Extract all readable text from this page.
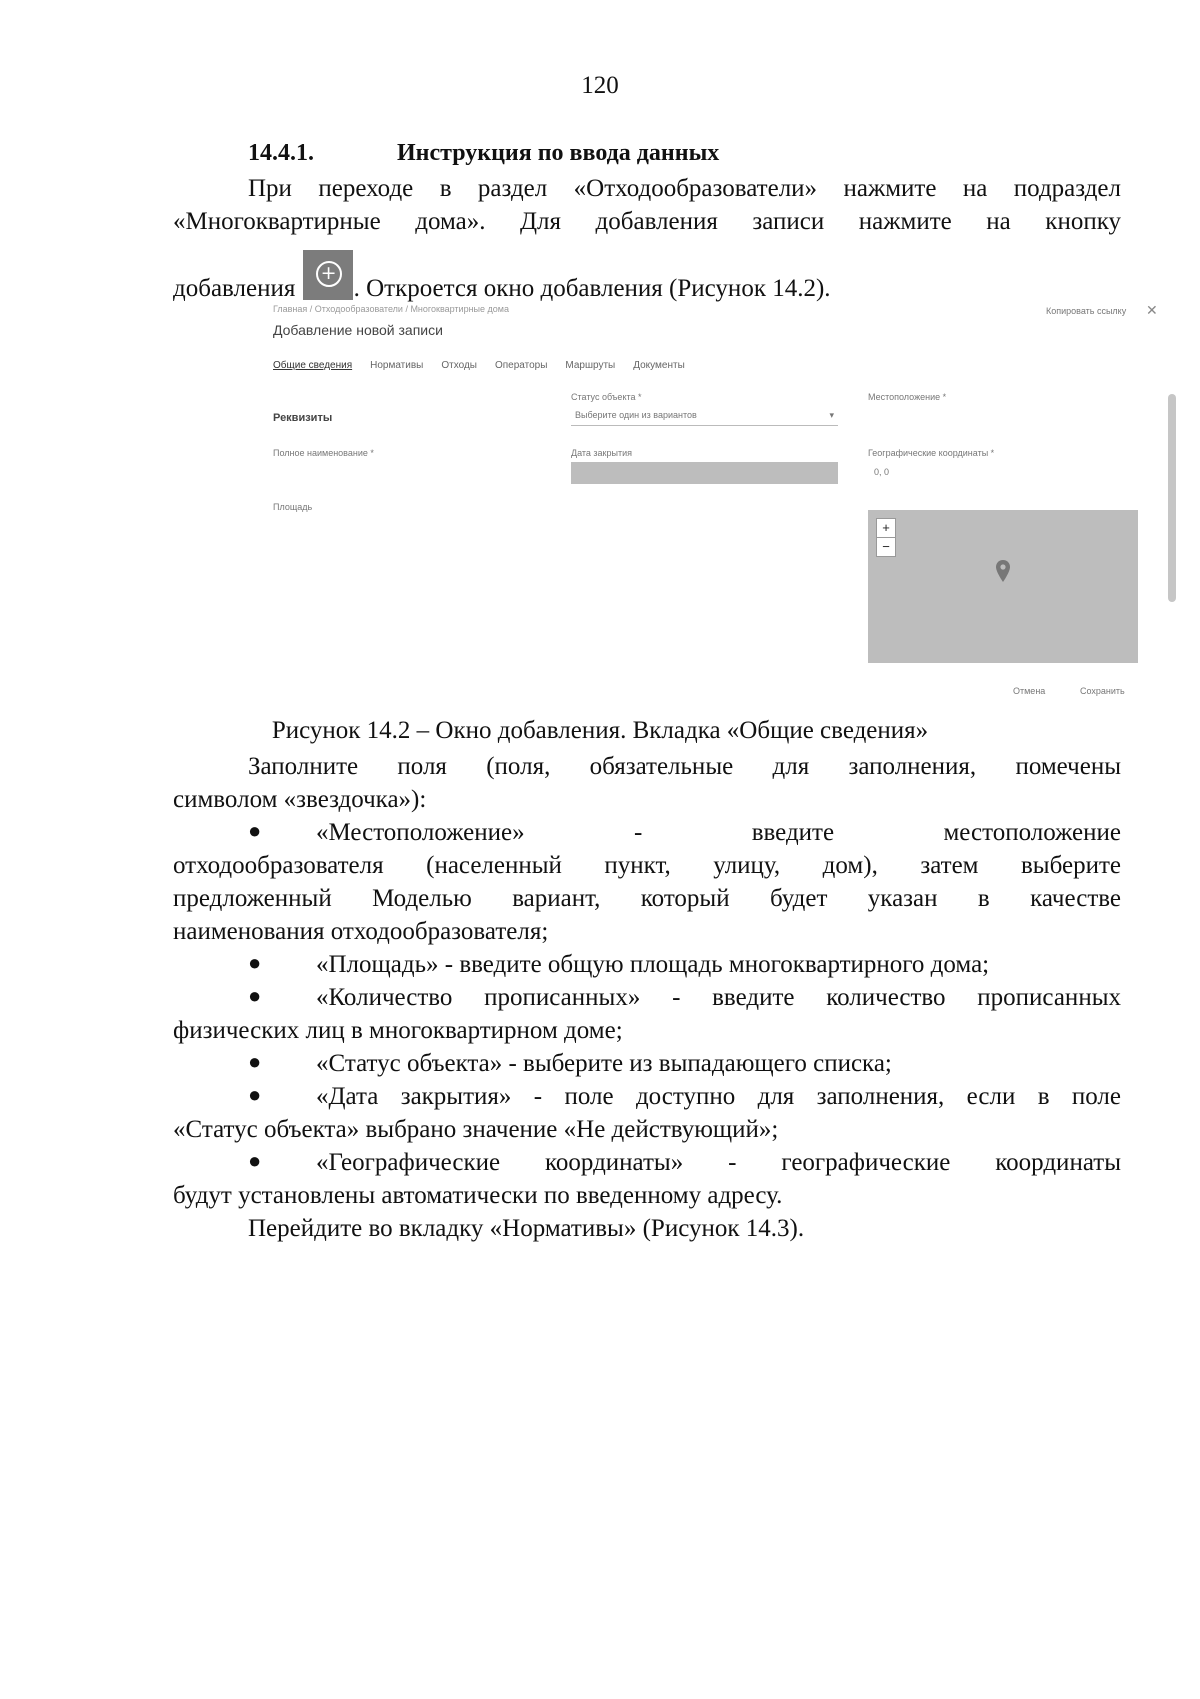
120
14.4.1.	Инструкция по ввода данных
При переходе в раздел «Отходообразователи» нажмите на подраздел
«Многоквартирные дома». Для добавления записи нажмите на кнопку
добавления
+
. Откроется окно добавления (Рисунок 14.2).
Главная / Отходообразователи / Многоквартирные дома
Добавление новой записи
Копировать ссылку ✕
Общие сведения Нормативы Отходы Операторы Маршруты Документы
Реквизиты
Полное наименование *
Площадь
Статус объекта *
Выберите один из вариантов	▾
Дата закрытия
Местоположение *
Географические координаты *
0, 0
+
−
Отмена	Сохранить
Рисунок 14.2 – Окно добавления. Вкладка «Общие сведения»
Заполните поля (поля, обязательные для заполнения, помечены
символом «звездочка»):
● «Местоположение» - введите местоположение
отходообразователя (населенный пункт, улицу, дом), затем выберите
предложенный Моделью вариант, который будет указан в качестве
наименования отходообразователя;
● «Площадь» - введите общую площадь многоквартирного дома;
● «Количество прописанных» - введите количество прописанных
физических лиц в многоквартирном доме;
● «Статус объекта» - выберите из выпадающего списка;
● «Дата закрытия» - поле доступно для заполнения, если в поле
«Статус объекта» выбрано значение «Не действующий»;
● «Географические координаты» - географические координаты
будут установлены автоматически по введенному адресу.
Перейдите во вкладку «Нормативы» (Рисунок 14.3).
